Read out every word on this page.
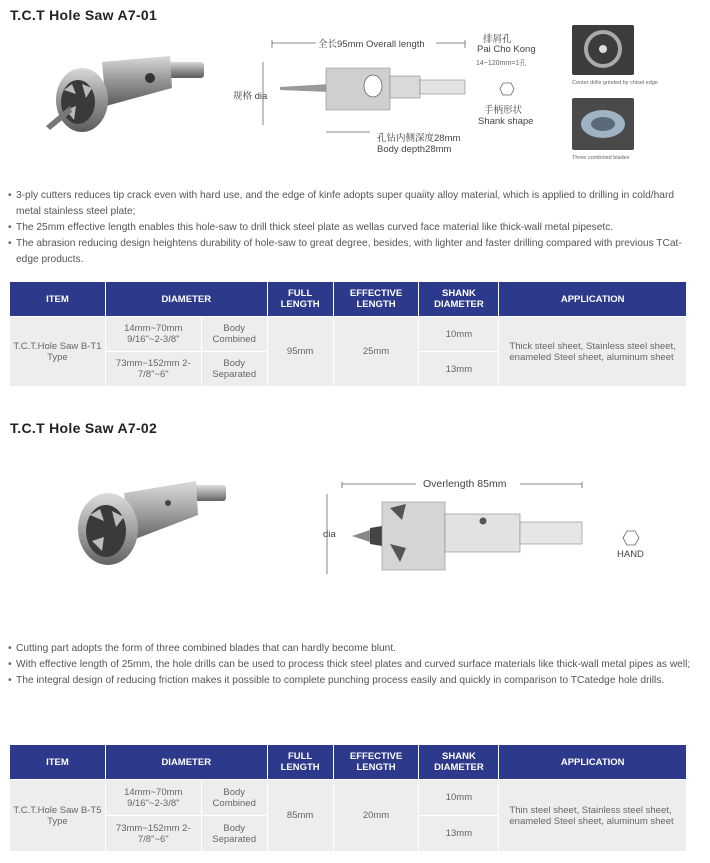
T.C.T Hole Saw A7-01
全长95mm Overall length
规格 dia
排屑孔
Pai Cho Kong
14~120mm=1孔
手柄形状
Shank shape
孔钻内侧深度28mm
Body depth28mm
Center drills grinded by chisel edge
Three combined blades
• 3-ply cutters reduces tip crack even with hard use, and the edge of kinfe adopts super quaiity alloy material, which is applied to drilling in cold/hard metal stainless steel plate;
• The 25mm effective length enables this hole-saw to drill thick steel plate as wellas curved face material like thick-wall metal pipesetc.
• The abrasion reducing design heightens durability of hole-saw to great degree, besides, with lighter and faster drilling compared with previous TCat-edge products.
ITEM	DIAMETER		FULL LENGTH	EFFECTIVE LENGTH	SHANK DIAMETER	APPLICATION
T.C.T.Hole Saw B-T1 Type	14mm~70mm 9/16"~2-3/8"	Body Combined	95mm	25mm	10mm	Thick steel sheet, Stainless steel sheet, enameled Steel sheet, aluminum sheet
	73mm~152mm 2-7/8"~6"	Body Separated			13mm	
T.C.T Hole Saw A7-02
Overlength 85mm
dia
HAND
• Cutting part adopts the form of three combined blades that can hardly become blunt.
• With effective length of 25mm, the hole drills can be used to process thick steel plates and curved surface materials like thick-wall metal pipes as well;
• The integral design of reducing friction makes it possible to complete punching process easily and quickly in comparison to TCatedge hole drills.
ITEM	DIAMETER		FULL LENGTH	EFFECTIVE LENGTH	SHANK DIAMETER	APPLICATION
T.C.T.Hole Saw B-T5 Type	14mm~70mm 9/16"~2-3/8"	Body Combined	85mm	20mm	10mm	Thin steel sheet, Stainless steel sheet, enameled Steel sheet, aluminum sheet
	73mm~152mm 2-7/8"~6"	Body Separated			13mm	
